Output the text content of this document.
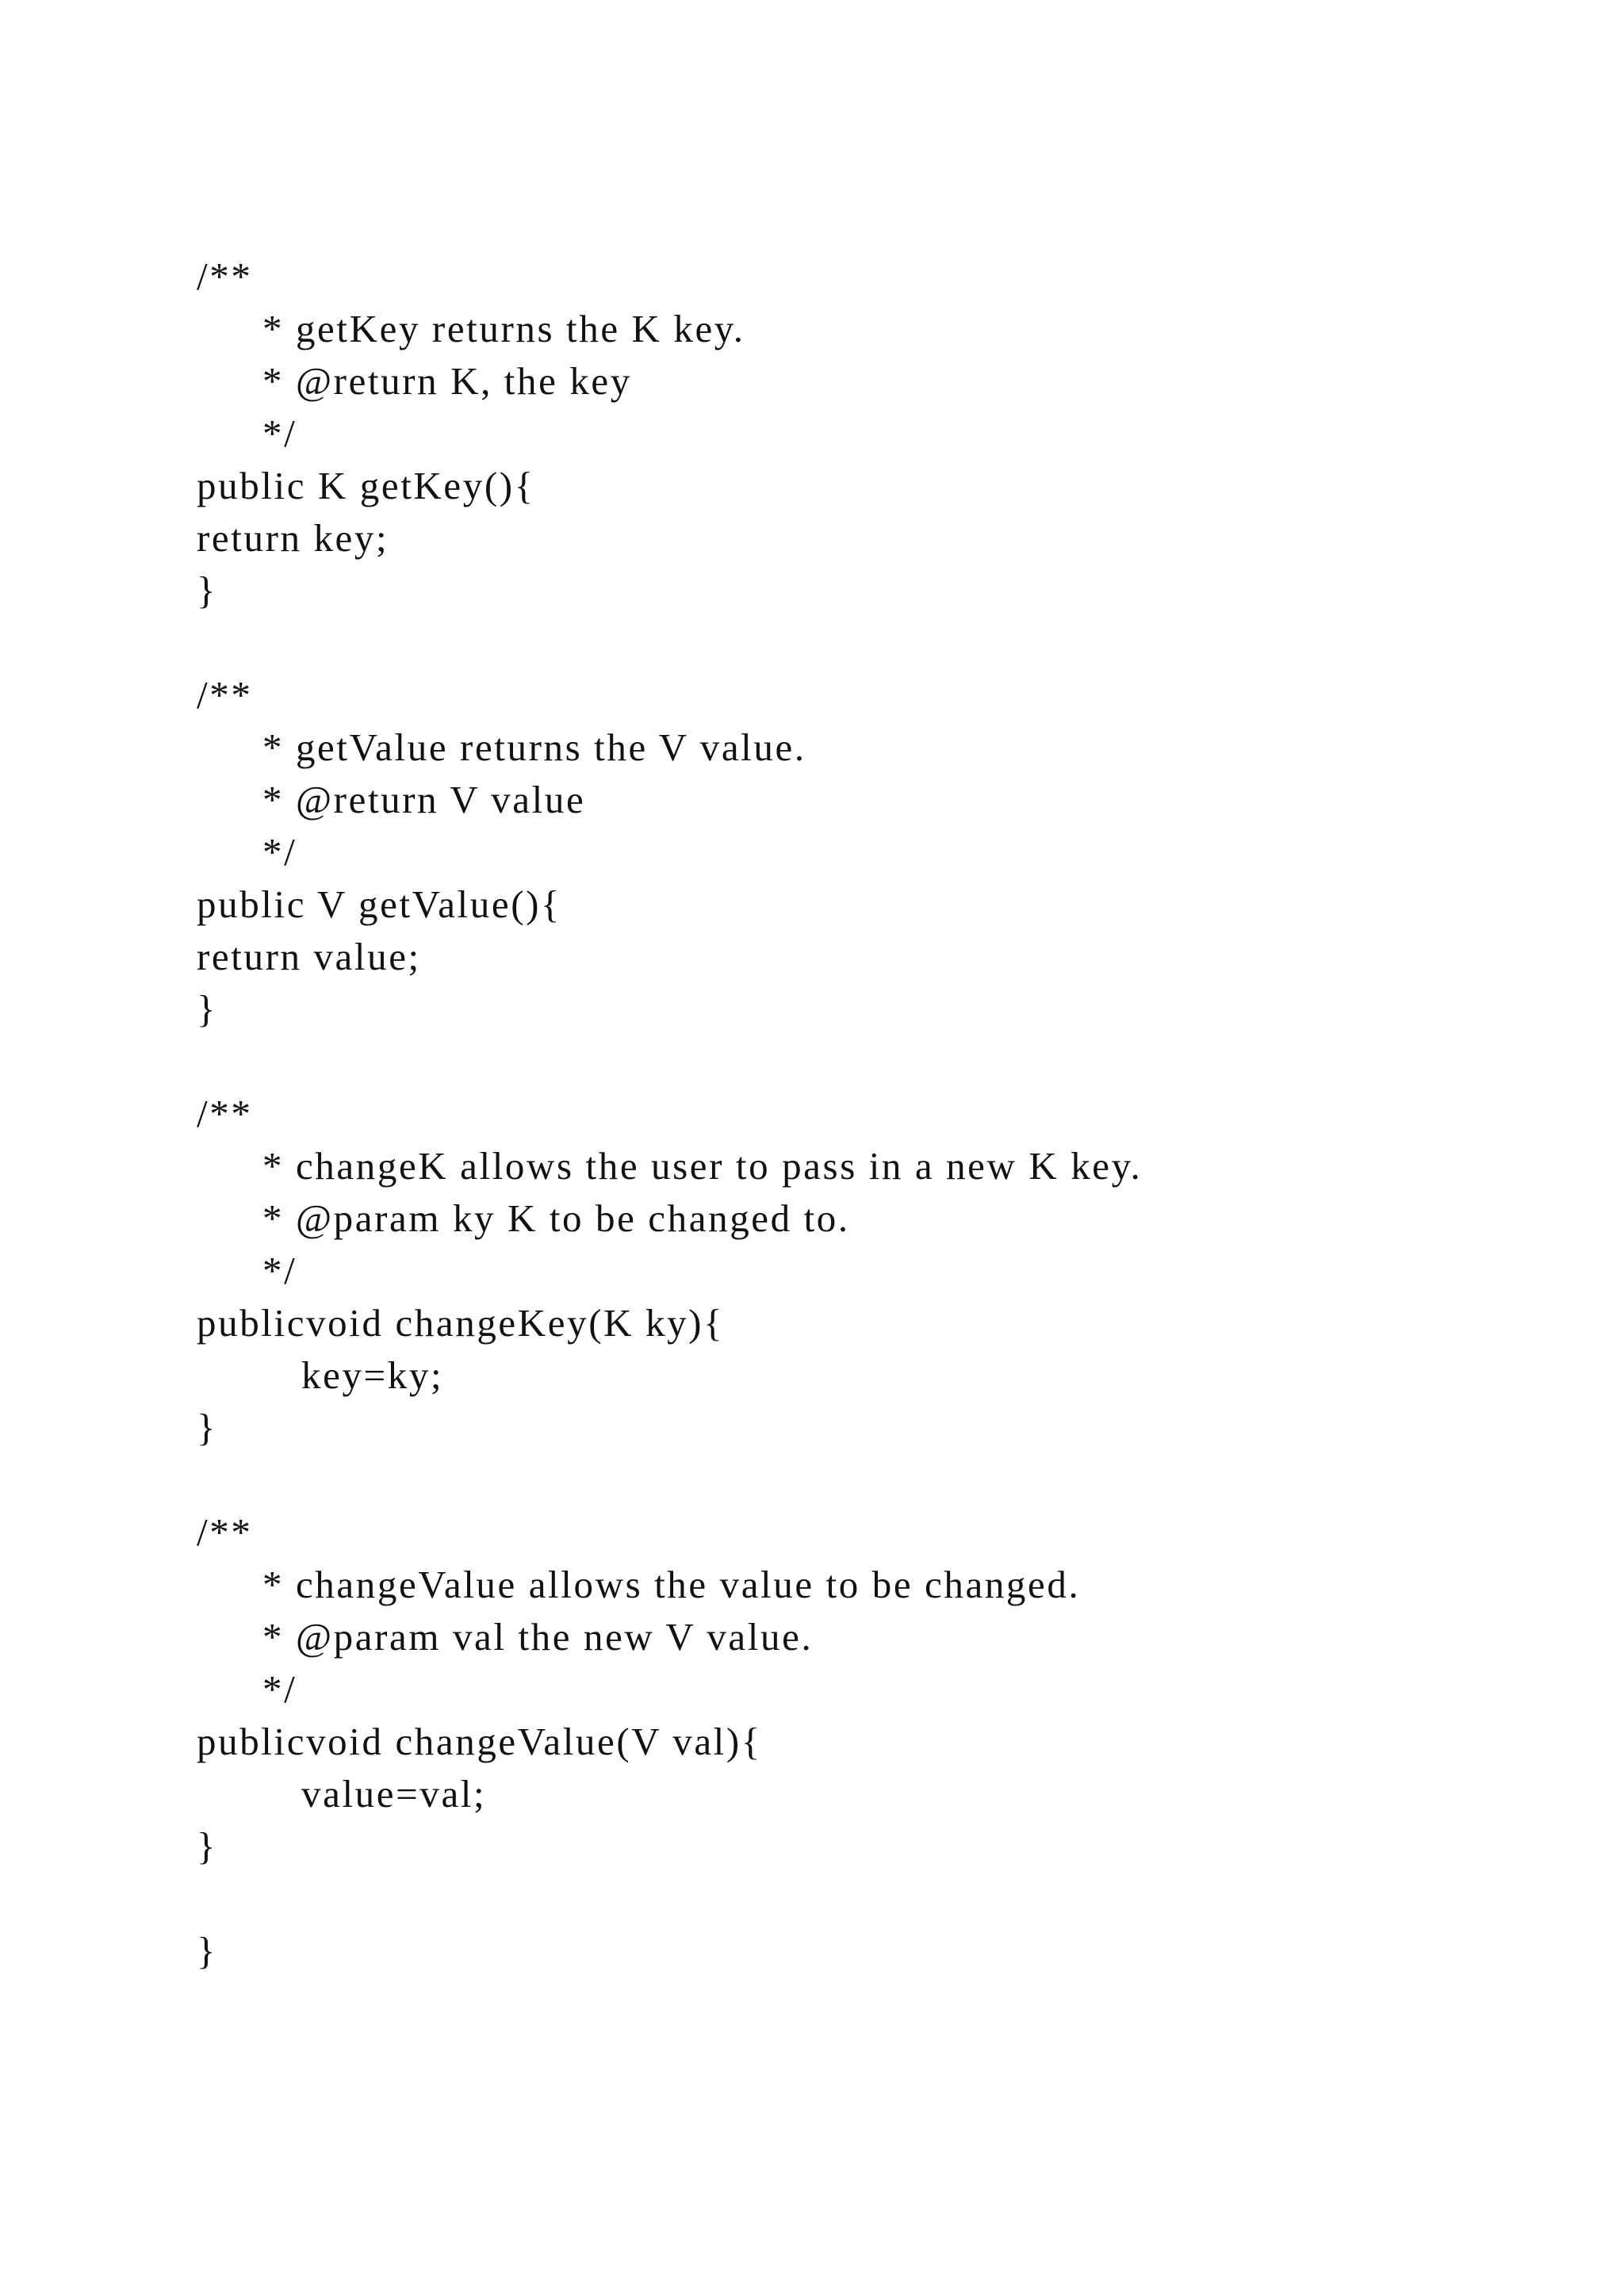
/**

* getKey returns the K key.

* @return K, the key

*/

public K getKey(){

return key;

}

/**

* getValue returns the V value.

* @return V value

*/

public V getValue(){

return value;

}

/**

* changeK allows the user to pass in a new K key.

* @param ky K to be changed to.

*/

publicvoid changeKey(K ky){

key=ky;

}

/**

* changeValue allows the value to be changed.

* @param val the new V value.

*/

publicvoid changeValue(V val){

value=val;

}

}
